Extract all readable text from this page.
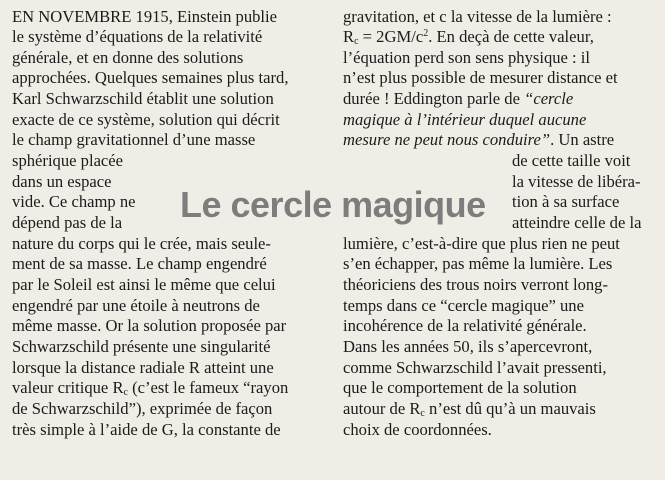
EN NOVEMBRE 1915, Einstein publie

le système d’équations de la relativité

générale, et en donne des solutions

approchées. Quelques semaines plus tard,

Karl Schwarzschild établit une solution

exacte de ce système, solution qui décrit

le champ gravitationnel d’une masse

sphérique placée

dans un espace

vide. Ce champ ne

dépend pas de la

nature du corps qui le crée, mais seule-

ment de sa masse. Le champ engendré

par le Soleil est ainsi le même que celui

engendré par une étoile à neutrons de

même masse. Or la solution proposée par

Schwarzschild présente une singularité

lorsque la distance radiale R atteint une

valeur critique $R_c$ (c’est le fameux “rayon

de Schwarzschild”), exprimée de façon

très simple à l’aide de G, la constante de

Le cercle magique

gravitation, et c la vitesse de la lumière :

$R_c = 2GM/c^2$. En deçà de cette valeur,

l’équation perd son sens physique : il

n’est plus possible de mesurer distance et

durée ! Eddington parle de “cercle

magique à l’intérieur duquel aucune

mesure ne peut nous conduire”. Un astre

de cette taille voit

la vitesse de libéra-

tion à sa surface

atteindre celle de la

lumière, c’est-à-dire que plus rien ne peut

s’en échapper, pas même la lumière. Les

théoriciens des trous noirs verront long-

temps dans ce “cercle magique” une

incohérence de la relativité générale.

Dans les années 50, ils s’apercevront,

comme Schwarzschild l’avait pressenti,

que le comportement de la solution

autour de $R_c$ n’est dû qu’à un mauvais

choix de coordonnées.
